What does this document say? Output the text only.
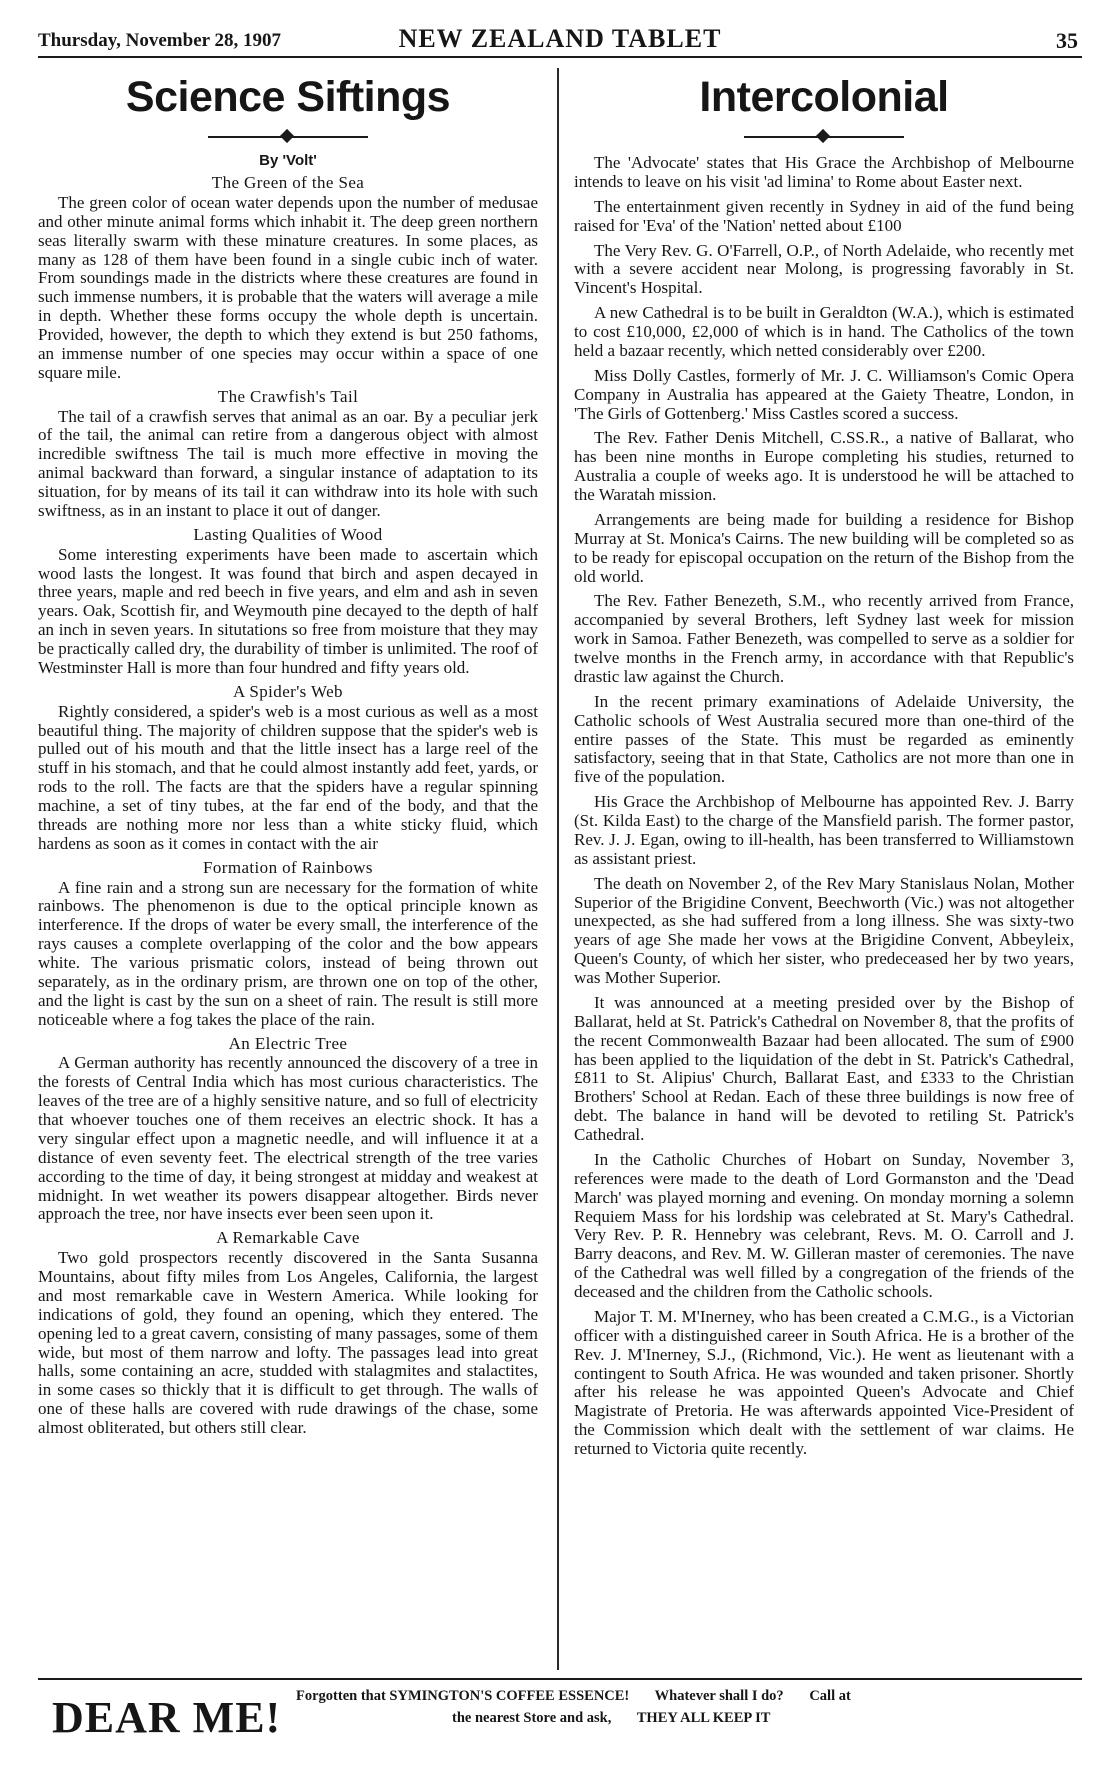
Thursday, November 28, 1907	NEW ZEALAND TABLET	35
Science Siftings
By 'Volt'
The Green of the Sea

The green color of ocean water depends upon the number of medusae and other minute animal forms which inhabit it. The deep green northern seas literally swarm with these minature creatures. In some places, as many as 128 of them have been found in a single cubic inch of water. From soundings made in the districts where these creatures are found in such immense numbers, it is probable that the waters will average a mile in depth. Whether these forms occupy the whole depth is uncertain. Provided, however, the depth to which they extend is but 250 fathoms, an immense number of one species may occur within a space of one square mile.

The Crawfish's Tail

The tail of a crawfish serves that animal as an oar. By a peculiar jerk of the tail, the animal can retire from a dangerous object with almost incredible swiftness The tail is much more effective in moving the animal backward than forward, a singular instance of adaptation to its situation, for by means of its tail it can withdraw into its hole with such swiftness, as in an instant to place it out of danger.

Lasting Qualities of Wood

Some interesting experiments have been made to ascertain which wood lasts the longest. It was found that birch and aspen decayed in three years, maple and red beech in five years, and elm and ash in seven years. Oak, Scottish fir, and Weymouth pine decayed to the depth of half an inch in seven years. In situtations so free from moisture that they may be practically called dry, the durability of timber is unlimited. The roof of Westminster Hall is more than four hundred and fifty years old.

A Spider's Web

Rightly considered, a spider's web is a most curious as well as a most beautiful thing. The majority of children suppose that the spider's web is pulled out of his mouth and that the little insect has a large reel of the stuff in his stomach, and that he could almost instantly add feet, yards, or rods to the roll. The facts are that the spiders have a regular spinning machine, a set of tiny tubes, at the far end of the body, and that the threads are nothing more nor less than a white sticky fluid, which hardens as soon as it comes in contact with the air

Formation of Rainbows

A fine rain and a strong sun are necessary for the formation of white rainbows. The phenomenon is due to the optical principle known as interference. If the drops of water be every small, the interference of the rays causes a complete overlapping of the color and the bow appears white. The various prismatic colors, instead of being thrown out separately, as in the ordinary prism, are thrown one on top of the other, and the light is cast by the sun on a sheet of rain. The result is still more noticeable where a fog takes the place of the rain.

An Electric Tree

A German authority has recently announced the discovery of a tree in the forests of Central India which has most curious characteristics. The leaves of the tree are of a highly sensitive nature, and so full of electricity that whoever touches one of them receives an electric shock. It has a very singular effect upon a magnetic needle, and will influence it at a distance of even seventy feet. The electrical strength of the tree varies according to the time of day, it being strongest at midday and weakest at midnight. In wet weather its powers disappear altogether. Birds never approach the tree, nor have insects ever been seen upon it.

A Remarkable Cave

Two gold prospectors recently discovered in the Santa Susanna Mountains, about fifty miles from Los Angeles, California, the largest and most remarkable cave in Western America. While looking for indications of gold, they found an opening, which they entered. The opening led to a great cavern, consisting of many passages, some of them wide, but most of them narrow and lofty. The passages lead into great halls, some containing an acre, studded with stalagmites and stalactites, in some cases so thickly that it is difficult to get through. The walls of one of these halls are covered with rude drawings of the chase, some almost obliterated, but others still clear.

Intercolonial

The 'Advocate' states that His Grace the Archbishop of Melbourne intends to leave on his visit 'ad limina' to Rome about Easter next.

The entertainment given recently in Sydney in aid of the fund being raised for 'Eva' of the 'Nation' netted about £100

The Very Rev. G. O'Farrell, O.P., of North Adelaide, who recently met with a severe accident near Molong, is progressing favorably in St. Vincent's Hospital.

A new Cathedral is to be built in Geraldton (W.A.), which is estimated to cost £10,000, £2,000 of which is in hand. The Catholics of the town held a bazaar recently, which netted considerably over £200.

Miss Dolly Castles, formerly of Mr. J. C. Williamson's Comic Opera Company in Australia has appeared at the Gaiety Theatre, London, in 'The Girls of Gottenberg.' Miss Castles scored a success.

The Rev. Father Denis Mitchell, C.SS.R., a native of Ballarat, who has been nine months in Europe completing his studies, returned to Australia a couple of weeks ago. It is understood he will be attached to the Waratah mission.

Arrangements are being made for building a residence for Bishop Murray at St. Monica's Cairns. The new building will be completed so as to be ready for episcopal occupation on the return of the Bishop from the old world.

The Rev. Father Benezeth, S.M., who recently arrived from France, accompanied by several Brothers, left Sydney last week for mission work in Samoa. Father Benezeth, was compelled to serve as a soldier for twelve months in the French army, in accordance with that Republic's drastic law against the Church.

In the recent primary examinations of Adelaide University, the Catholic schools of West Australia secured more than one-third of the entire passes of the State. This must be regarded as eminently satisfactory, seeing that in that State, Catholics are not more than one in five of the population.

His Grace the Archbishop of Melbourne has appointed Rev. J. Barry (St. Kilda East) to the charge of the Mansfield parish. The former pastor, Rev. J. J. Egan, owing to ill-health, has been transferred to Williamstown as assistant priest.

The death on November 2, of the Rev Mary Stanislaus Nolan, Mother Superior of the Brigidine Convent, Beechworth (Vic.) was not altogether unexpected, as she had suffered from a long illness. She was sixty-two years of age She made her vows at the Brigidine Convent, Abbeyleix, Queen's County, of which her sister, who predeceased her by two years, was Mother Superior.

It was announced at a meeting presided over by the Bishop of Ballarat, held at St. Patrick's Cathedral on November 8, that the profits of the recent Commonwealth Bazaar had been allocated. The sum of £900 has been applied to the liquidation of the debt in St. Patrick's Cathedral, £811 to St. Alipius' Church, Ballarat East, and £333 to the Christian Brothers' School at Redan. Each of these three buildings is now free of debt. The balance in hand will be devoted to retiling St. Patrick's Cathedral.

In the Catholic Churches of Hobart on Sunday, November 3, references were made to the death of Lord Gormanston and the 'Dead March' was played morning and evening. On monday morning a solemn Requiem Mass for his lordship was celebrated at St. Mary's Cathedral. Very Rev. P. R. Hennebry was celebrant, Revs. M. O. Carroll and J. Barry deacons, and Rev. M. W. Gilleran master of ceremonies. The nave of the Cathedral was well filled by a congregation of the friends of the deceased and the children from the Catholic schools.

Major T. M. M'Inerney, who has been created a C.M.G., is a Victorian officer with a distinguished career in South Africa. He is a brother of the Rev. J. M'Inerney, S.J., (Richmond, Vic.). He went as lieutenant with a contingent to South Africa. He was wounded and taken prisoner. Shortly after his release he was appointed Queen's Advocate and Chief Magistrate of Pretoria. He was afterwards appointed Vice-President of the Commission which dealt with the settlement of war claims. He returned to Victoria quite recently.

DEAR ME! Forgotten that SYMINGTON'S COFFEE ESSENCE! Whatever shall I do? Call at
the nearest Store and ask, THEY ALL KEEP IT
